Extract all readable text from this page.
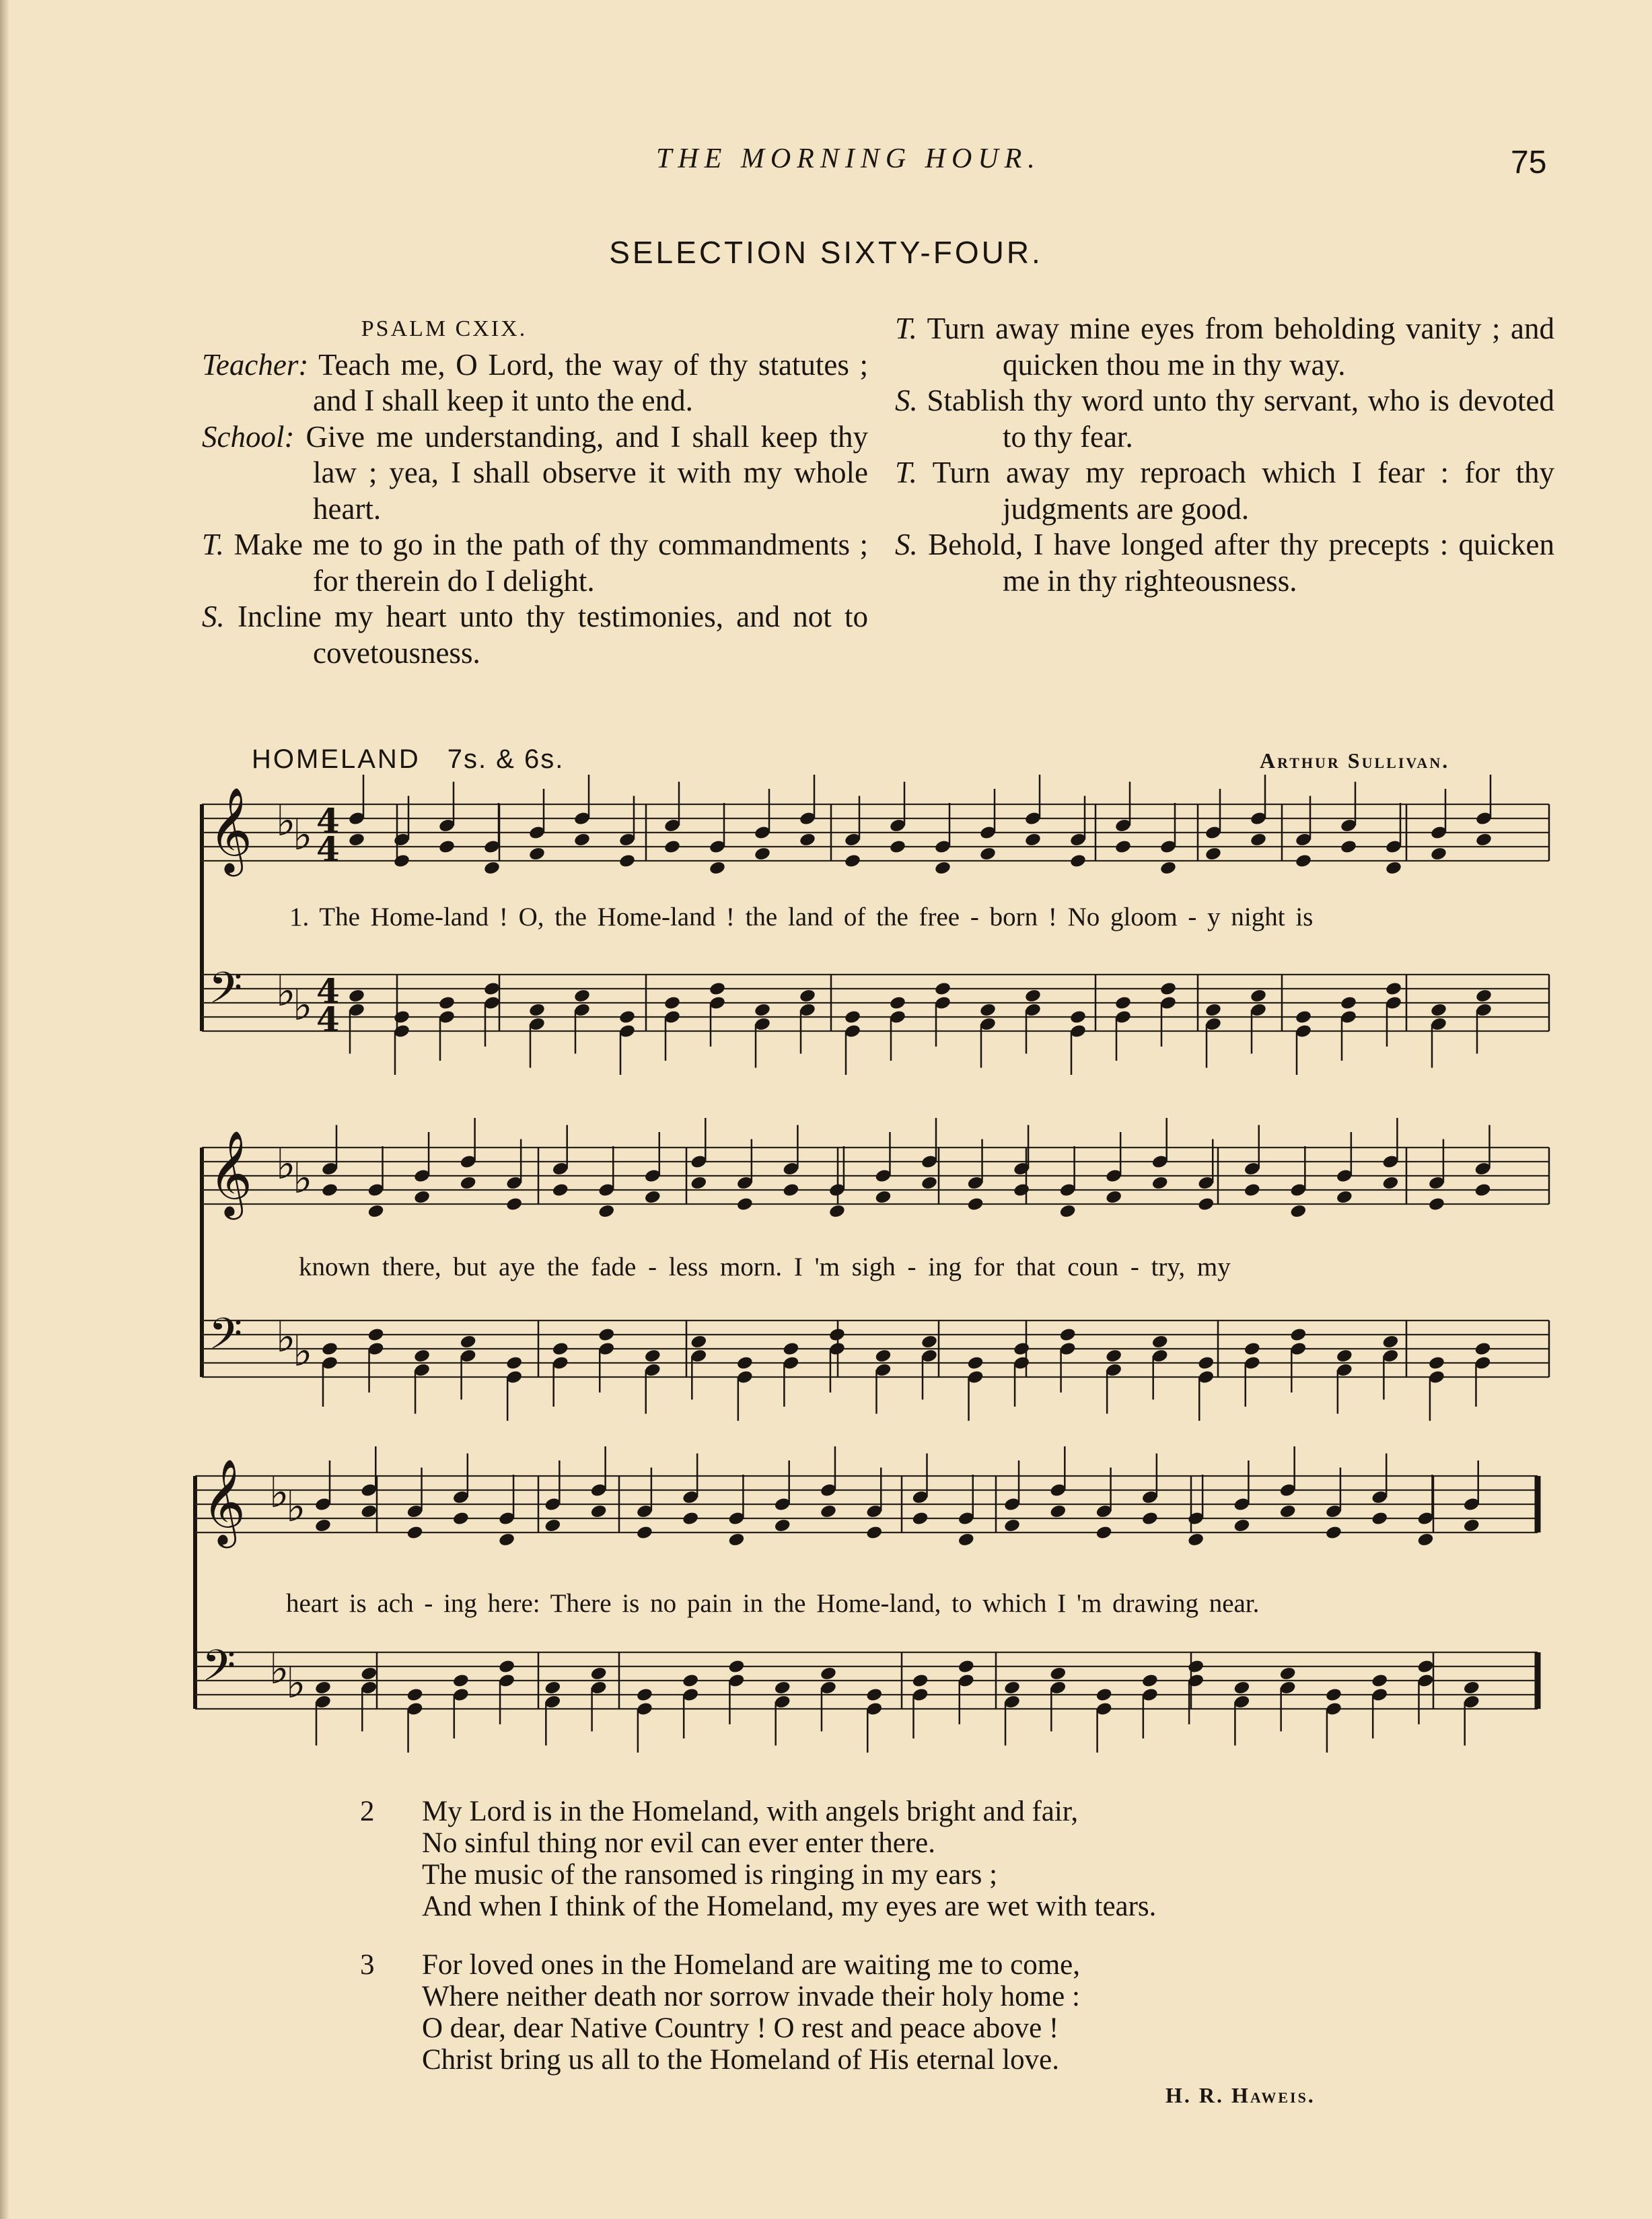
THE MORNING HOUR.	75
SELECTION SIXTY-FOUR.
PSALM CXIX.
Teacher: Teach me, O Lord, the way of thy statutes ; and I shall keep it unto the end.
School: Give me understanding, and I shall keep thy law ; yea, I shall observe it with my whole heart.
T. Make me to go in the path of thy commandments ; for therein do I delight.
S. Incline my heart unto thy testimonies, and not to covetousness.
T. Turn away mine eyes from beholding vanity ; and quicken thou me in thy way.
S. Stablish thy word unto thy servant, who is devoted to thy fear.
T. Turn away my reproach which I fear : for thy judgments are good.
S. Behold, I have longed after thy precepts : quicken me in thy righteousness.
HOMELAND 7s. & 6s.	Arthur Sullivan.
𝄞 ♭
♭ 4
4
𝄢 ♭
♭ 4
4
𝄞 ♭
♭
𝄢 ♭
♭
𝄞 ♭
♭
𝄢 ♭
♭
1. The Home-land ! O, the Home-land ! the land of the free - born ! No gloom - y night is
known there, but aye the fade - less morn. I 'm sigh - ing for that coun - try, my
heart is ach - ing here: There is no pain in the Home-land, to which I 'm drawing near.
2	My Lord is in the Homeland, with angels bright and fair,
No sinful thing nor evil can ever enter there.
The music of the ransomed is ringing in my ears ;
And when I think of the Homeland, my eyes are wet with tears.
3	For loved ones in the Homeland are waiting me to come,
Where neither death nor sorrow invade their holy home :
O dear, dear Native Country ! O rest and peace above !
Christ bring us all to the Homeland of His eternal love.
H. R. Haweis.
